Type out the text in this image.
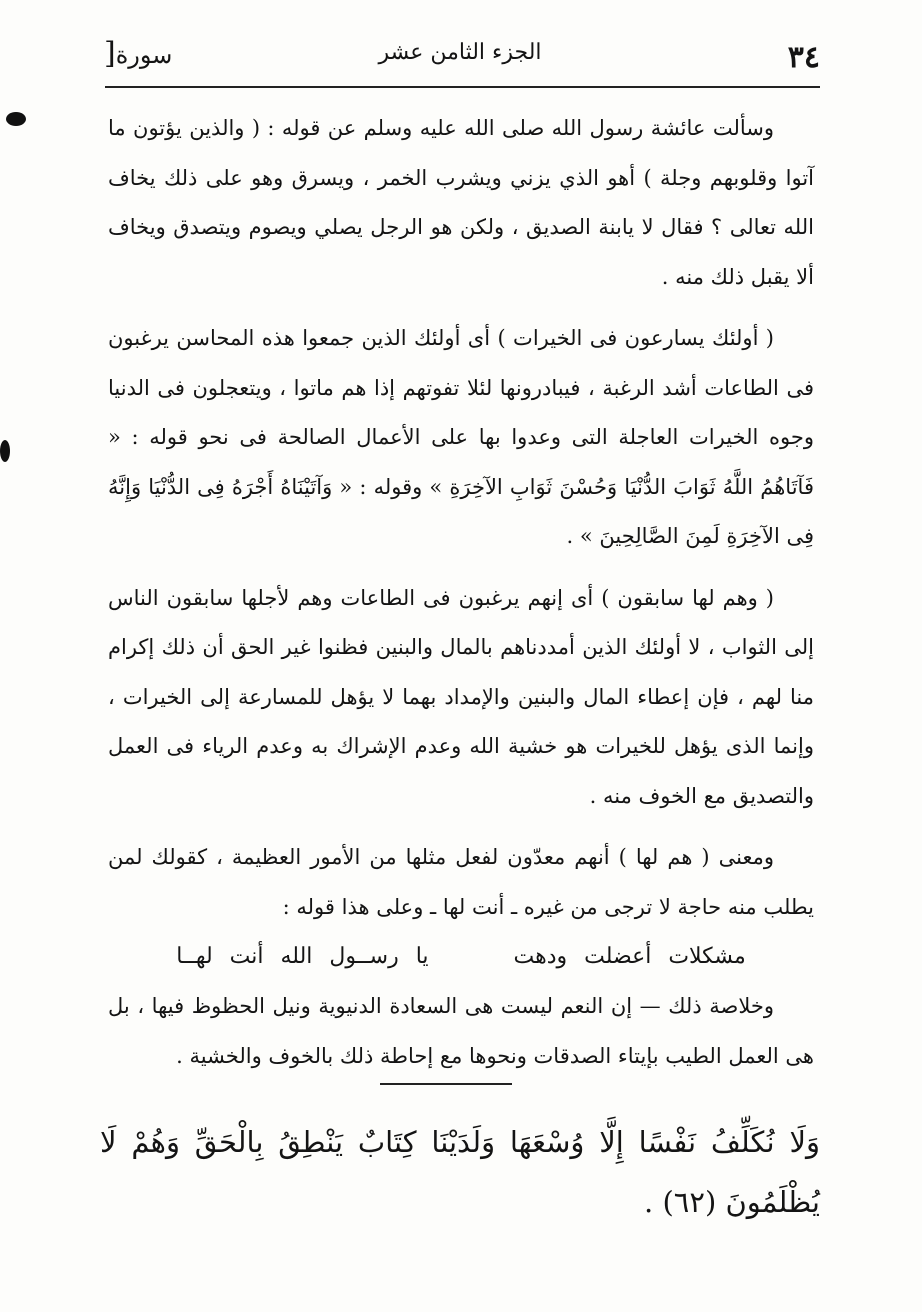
٣٤
الجزء الثامن عشر
سورة[

وسألت عائشة رسول الله صلى الله عليه وسلم عن قوله : ( والذين يؤتون ما آتوا وقلوبهم وجلة ) أهو الذي يزني ويشرب الخمر ، ويسرق وهو على ذلك يخاف الله تعالى ؟ فقال لا يابنة الصديق ، ولكن هو الرجل يصلي ويصوم ويتصدق ويخاف ألا يقبل ذلك منه .

( أولئك يسارعون فى الخيرات ) أى أولئك الذين جمعوا هذه المحاسن يرغبون فى الطاعات أشد الرغبة ، فيبادرونها لئلا تفوتهم إذا هم ماتوا ، ويتعجلون فى الدنيا وجوه الخيرات العاجلة التى وعدوا بها على الأعمال الصالحة فى نحو قوله : « فَآتَاهُمُ اللَّهُ ثَوَابَ الدُّنْيَا وَحُسْنَ ثَوَابِ الآخِرَةِ » وقوله : « وَآتَيْنَاهُ أَجْرَهُ فِى الدُّنْيَا وَإِنَّهُ فِى الآخِرَةِ لَمِنَ الصَّالِحِينَ » .

( وهم لها سابقون ) أى إنهم يرغبون فى الطاعات وهم لأجلها سابقون الناس إلى الثواب ، لا أولئك الذين أمددناهم بالمال والبنين فظنوا غير الحق أن ذلك إكرام منا لهم ، فإن إعطاء المال والبنين والإمداد بهما لا يؤهل للمسارعة إلى الخيرات ، وإنما الذى يؤهل للخيرات هو خشية الله وعدم الإشراك به وعدم الرياء فى العمل والتصديق مع الخوف منه .

ومعنى ( هم لها ) أنهم معدّون لفعل مثلها من الأمور العظيمة ، كقولك لمن يطلب منه حاجة لا ترجى من غيره ـ أنت لها ـ وعلى هذا قوله :

مشكلات أعضلت ودهت يا رســول الله أنت لهــا

وخلاصة ذلك — إن النعم ليست هى السعادة الدنيوية ونيل الحظوظ فيها ، بل هى العمل الطيب بإيتاء الصدقات ونحوها مع إحاطة ذلك بالخوف والخشية .

وَلَا نُكَلِّفُ نَفْسًا إِلَّا وُسْعَهَا وَلَدَيْنَا كِتَابٌ يَنْطِقُ بِالْحَقِّ وَهُمْ لَا يُظْلَمُونَ (٦٢) .
